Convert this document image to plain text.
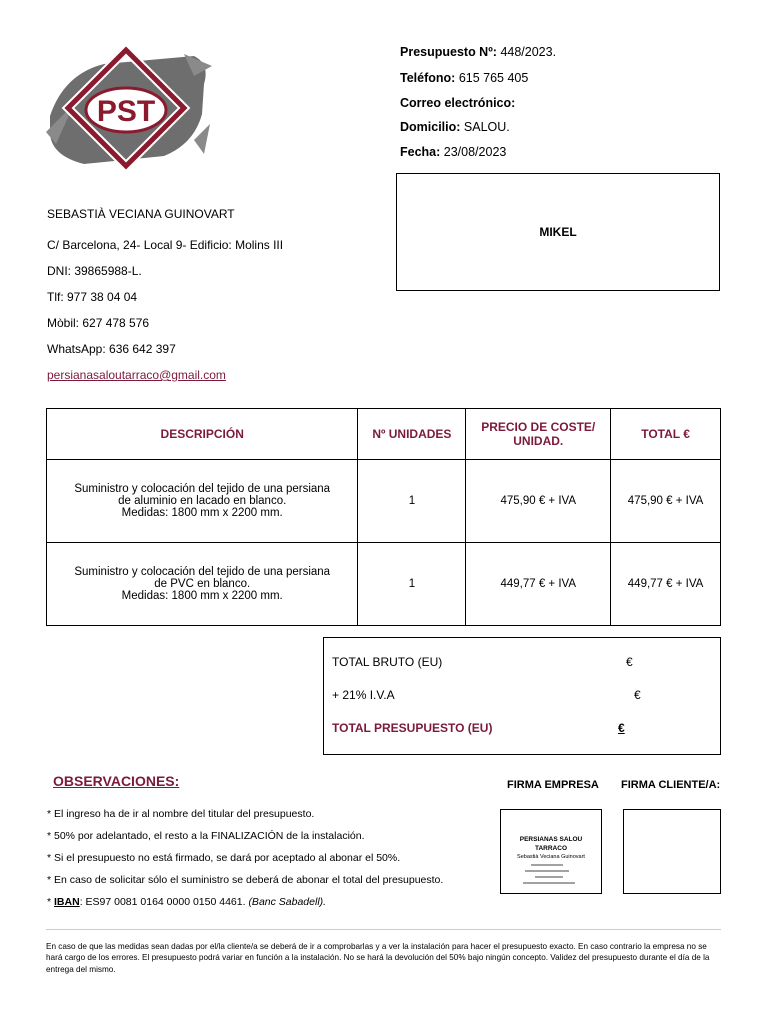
PST
Presupuesto Nº: 448/2023.
Teléfono: 615 765 405
Correo electrónico:
Domicilio: SALOU.
Fecha: 23/08/2023
MIKEL
SEBASTIÀ VECIANA GUINOVART
C/ Barcelona, 24- Local 9- Edificio: Molins III
DNI: 39865988-L.
Tlf: 977 38 04 04
Mòbil: 627 478 576
WhatsApp: 636 642 397
persianasaloutarraco@gmail.com
DESCRIPCIÓN	Nº UNIDADES	PRECIO DE COSTE/ UNIDAD.	TOTAL €

Suministro y colocación del tejido de una persiana
de aluminio en lacado en blanco.
Medidas: 1800 mm x 2200 mm.	1	475,90 € + IVA	475,90 € + IVA

Suministro y colocación del tejido de una persiana
de PVC en blanco.
Medidas: 1800 mm x 2200 mm.	1	449,77 € + IVA	449,77 € + IVA
TOTAL BRUTO (EU)	€
+ 21% I.V.A	€
TOTAL PRESUPUESTO (EU)	€
OBSERVACIONES:
* El ingreso ha de ir al nombre del titular del presupuesto.
* 50% por adelantado, el resto a la FINALIZACIÓN de la instalación.
* Si el presupuesto no está firmado, se dará por aceptado al abonar el 50%.
* En caso de solicitar sólo el suministro se deberá de abonar el total del presupuesto.
* IBAN: ES97 0081 0164 0000 0150 4461. (Banc Sabadell).
FIRMA EMPRESA FIRMA CLIENTE/A:
PERSIANAS SALOU TARRACO
Sebastià Veciana Guinovart
En caso de que las medidas sean dadas por el/la cliente/a se deberá de ir a comprobarlas y a ver la instalación para hacer el presupuesto exacto. En caso contrario la empresa no se hará cargo de los errores. El presupuesto podrá variar en función a la instalación. No se hará la devolución del 50% bajo ningún concepto. Validez del presupuesto durante el día de la entrega del mismo.
